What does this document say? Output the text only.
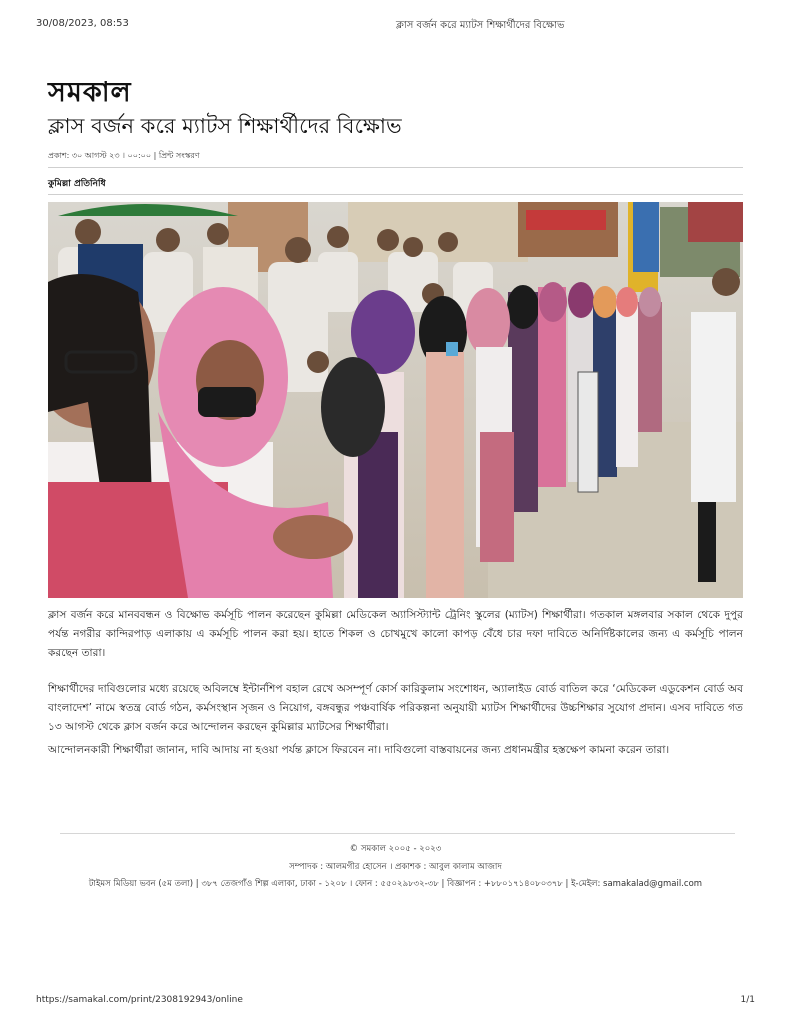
30/08/2023, 08:53	ক্লাস বর্জন করে ম্যাটস শিক্ষার্থীদের বিক্ষোভ
সমকাল
ক্লাস বর্জন করে ম্যাটস শিক্ষার্থীদের বিক্ষোভ
প্রকাশ: ৩০ আগস্ট ২৩ । ০০:০০ | প্রিন্ট সংস্করণ
কুমিল্লা প্রতিনিধি
ক্লাস বর্জন করে মানববন্ধন ও বিক্ষোভ কর্মসূচি পালন করেছেন কুমিল্লা মেডিকেল অ্যাসিস্ট্যান্ট ট্রেনিং স্কুলের (ম্যাটস) শিক্ষার্থীরা। গতকাল মঙ্গলবার সকাল থেকে দুপুর পর্যন্ত নগরীর কান্দিরপাড় এলাকায় এ কর্মসূচি পালন করা হয়। হাতে শিকল ও চোখমুখে কালো কাপড় বেঁধে চার দফা দাবিতে অনির্দিষ্টকালের জন্য এ কর্মসূচি পালন করছেন তারা।
শিক্ষার্থীদের দাবিগুলোর মধ্যে রয়েছে অবিলম্বে ইন্টার্নশিপ বহাল রেখে অসম্পূর্ণ কোর্স কারিকুলাম সংশোধন, অ্যালাইড বোর্ড বাতিল করে ‘মেডিকেল এডুকেশন বোর্ড অব বাংলাদেশ’ নামে স্বতন্ত্র বোর্ড গঠন, কর্মসংস্থান সৃজন ও নিয়োগ, বঙ্গবন্ধুর পঞ্চবার্ষিক পরিকল্পনা অনুযায়ী ম্যাটস শিক্ষার্থীদের উচ্চশিক্ষার সুযোগ প্রদান। এসব দাবিতে গত ১৩ আগস্ট থেকে ক্লাস বর্জন করে আন্দোলন করছেন কুমিল্লার ম্যাটসের শিক্ষার্থীরা।
আন্দোলনকারী শিক্ষার্থীরা জানান, দাবি আদায় না হওয়া পর্যন্ত ক্লাসে ফিরবেন না। দাবিগুলো বাস্তবায়নের জন্য প্রধানমন্ত্রীর হস্তক্ষেপ কামনা করেন তারা।
© সমকাল ২০০৫ - ২০২৩
সম্পাদক : আলমগীর হোসেন । প্রকাশক : আবুল কালাম আজাদ
টাইমস মিডিয়া ভবন (৫ম তলা) | ৩৮৭ তেজগাঁও শিল্প এলাকা, ঢাকা - ১২০৮ । ফোন : ৫৫০২৯৮৩২-৩৮ | বিজ্ঞাপন : +৮৮০১৭১৪০৮০৩৭৮ | ই-মেইল: samakalad@gmail.com
https://samakal.com/print/2308192943/online	1/1
